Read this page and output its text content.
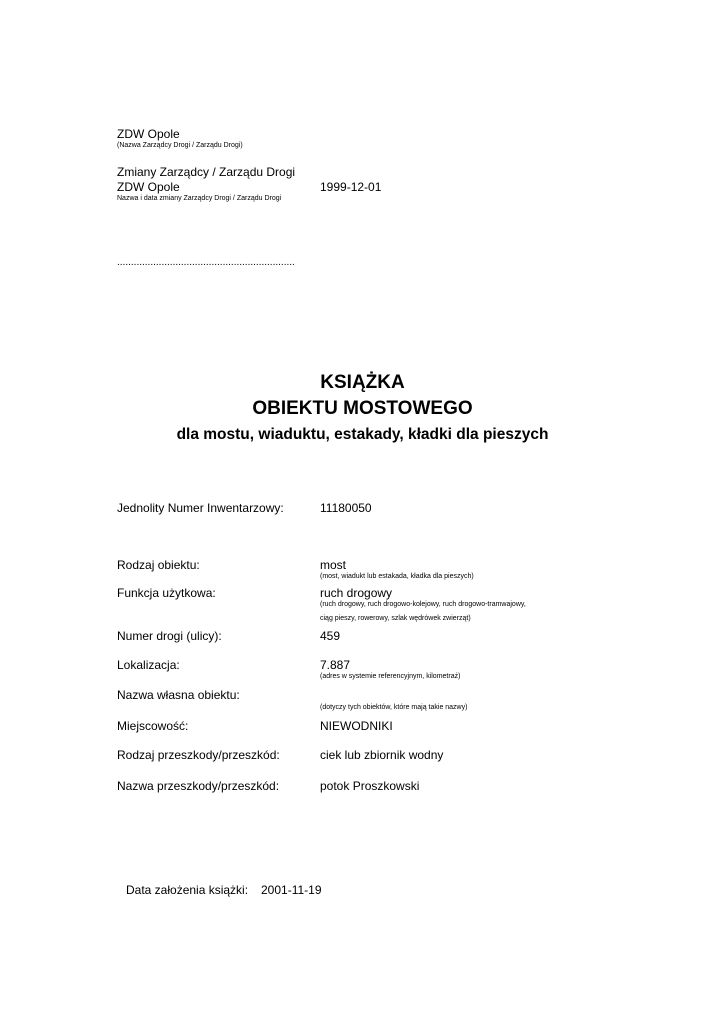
ZDW Opole
(Nazwa Zarządcy Drogi / Zarządu Drogi)
Zmiany Zarządcy / Zarządu Drogi
ZDW Opole	1999-12-01
Nazwa i data zmiany Zarządcy Drogi / Zarządu Drogi
................................................................
KSIĄŻKA
OBIEKTU MOSTOWEGO
dla mostu, wiaduktu, estakady, kładki dla pieszych
Jednolity Numer Inwentarzowy:	11180050
Rodzaj obiektu:	most
(most, wiadukt lub estakada, kładka dla pieszych)
Funkcja użytkowa:	ruch drogowy
(ruch drogowy, ruch drogowo-kolejowy, ruch drogowo-tramwajowy,
ciąg pieszy, rowerowy, szlak wędrówek zwierząt)
Numer drogi (ulicy):	459
Lokalizacja:	7.887
(adres w systemie referencyjnym, kilometraż)
Nazwa własna obiektu:
(dotyczy tych obiektów, które mają takie nazwy)
Miejscowość:	NIEWODNIKI
Rodzaj przeszkody/przeszkód:	ciek lub zbiornik wodny
Nazwa przeszkody/przeszkód:	potok Proszkowski
Data założenia książki: 2001-11-19
